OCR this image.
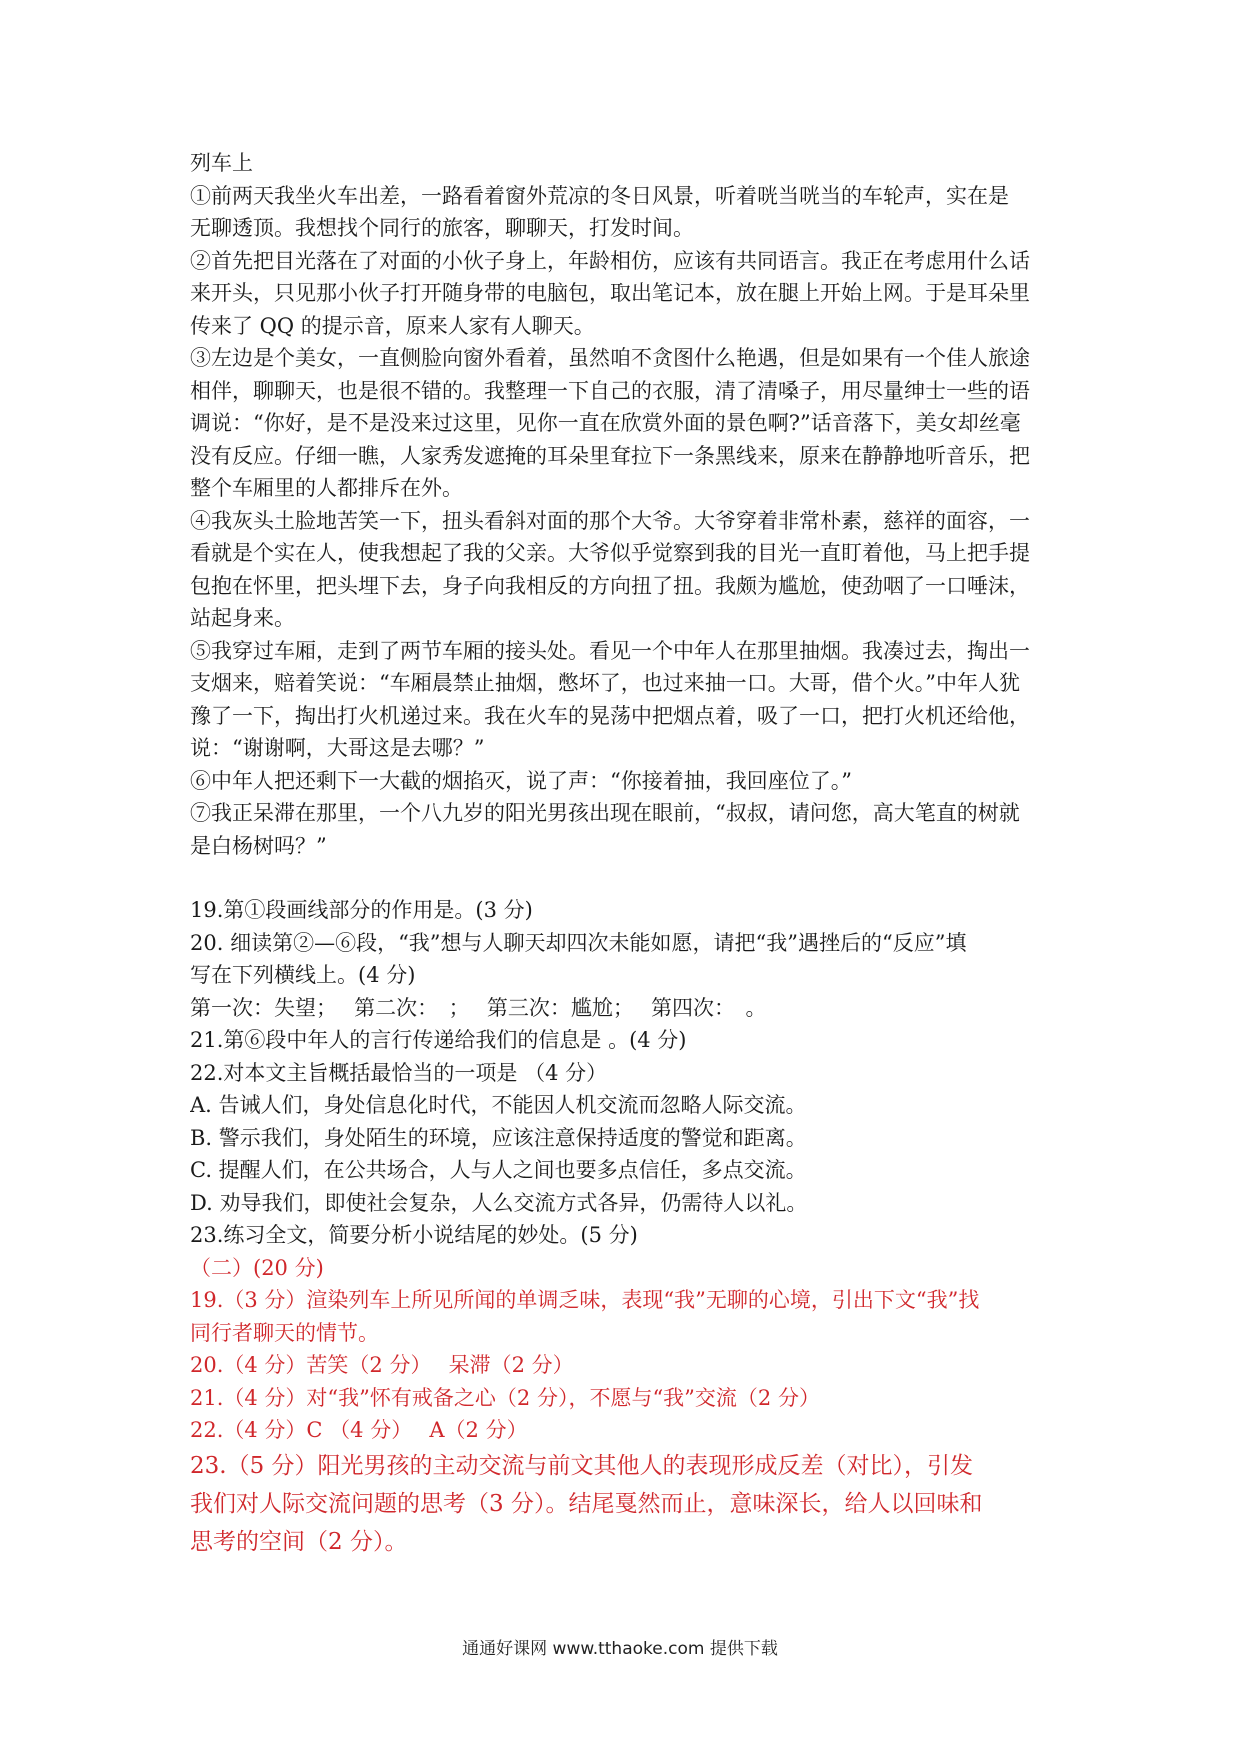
列车上

①前两天我坐火车出差，一路看着窗外荒凉的冬日风景，听着咣当咣当的车轮声，实在是

无聊透顶。我想找个同行的旅客，聊聊天，打发时间。

②首先把目光落在了对面的小伙子身上，年龄相仿，应该有共同语言。我正在考虑用什么话

来开头，只见那小伙子打开随身带的电脑包，取出笔记本，放在腿上开始上网。于是耳朵里

传来了 QQ 的提示音，原来人家有人聊天。

③左边是个美女，一直侧脸向窗外看着，虽然咱不贪图什么艳遇，但是如果有一个佳人旅途

相伴，聊聊天，也是很不错的。我整理一下自己的衣服，清了清嗓子，用尽量绅士一些的语

调说：“你好，是不是没来过这里，见你一直在欣赏外面的景色啊?”话音落下，美女却丝毫

没有反应。仔细一瞧，人家秀发遮掩的耳朵里耷拉下一条黑线来，原来在静静地听音乐，把

整个车厢里的人都排斥在外。

④我灰头土脸地苦笑一下，扭头看斜对面的那个大爷。大爷穿着非常朴素，慈祥的面容，一

看就是个实在人，使我想起了我的父亲。大爷似乎觉察到我的目光一直盯着他，马上把手提

包抱在怀里，把头埋下去，身子向我相反的方向扭了扭。我颇为尴尬，使劲咽了一口唾沫，

站起身来。

⑤我穿过车厢，走到了两节车厢的接头处。看见一个中年人在那里抽烟。我凑过去，掏出一

支烟来，赔着笑说：“车厢晨禁止抽烟，憋坏了，也过来抽一口。大哥，借个火。”中年人犹

豫了一下，掏出打火机递过来。我在火车的晃荡中把烟点着，吸了一口，把打火机还给他，

说：“谢谢啊，大哥这是去哪？”

⑥中年人把还剩下一大截的烟掐灭，说了声：“你接着抽，我回座位了。”

⑦我正呆滞在那里，一个八九岁的阳光男孩出现在眼前，“叔叔，请问您，高大笔直的树就

是白杨树吗？”

19.第①段画线部分的作用是。(3 分)

20. 细读第②—⑥段，“我”想与人聊天却四次未能如愿，请把“我”遇挫后的“反应”填

写在下列横线上。(4 分)

第一次：失望；　 第二次：　；　 第三次：尴尬；　 第四次：　。

21.第⑥段中年人的言行传递给我们的信息是 。(4 分)

22.对本文主旨概括最恰当的一项是 （4 分）

A. 告诫人们，身处信息化时代，不能因人机交流而忽略人际交流。

B. 警示我们，身处陌生的环境，应该注意保持适度的警觉和距离。

C. 提醒人们，在公共场合，人与人之间也要多点信任，多点交流。

D. 劝导我们，即使社会复杂，人么交流方式各异，仍需待人以礼。

23.练习全文，简要分析小说结尾的妙处。(5 分)

（二）(20 分)

19.（3 分）渲染列车上所见所闻的单调乏味，表现“我”无聊的心境，引出下文“我”找

同行者聊天的情节。

20.（4 分）苦笑（2 分）　 呆滞（2 分）

21.（4 分）对“我”怀有戒备之心（2 分），不愿与“我”交流（2 分）

22.（4 分）C （4 分）　 A（2 分）

23.（5 分）阳光男孩的主动交流与前文其他人的表现形成反差（对比），引发

我们对人际交流问题的思考（3 分）。结尾戛然而止，意味深长，给人以回味和

思考的空间（2 分）。

通通好课网 www.tthaoke.com 提供下载
